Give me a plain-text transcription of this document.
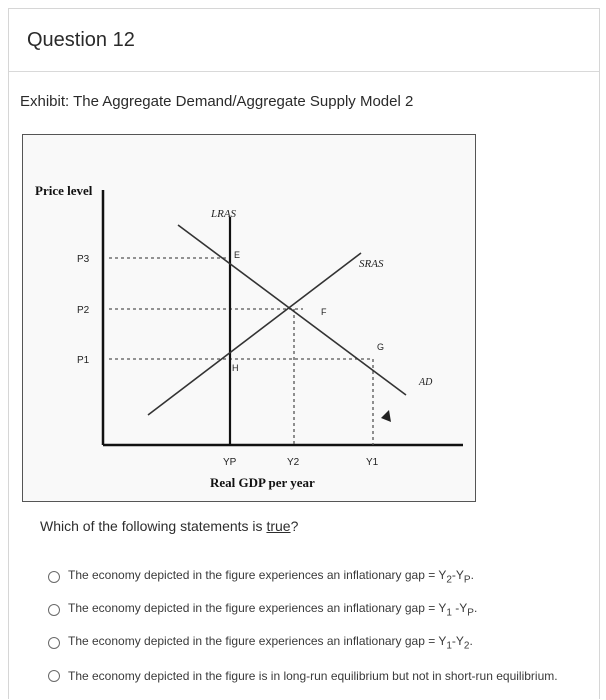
Question 12
Exhibit: The Aggregate Demand/Aggregate Supply Model 2
Price level
LRAS
SRAS
AD
P3
P2
P1
E
F
G
H
YP	Y2	Y1
Real GDP per year
Which of the following statements is true?
The economy depicted in the figure experiences an inflationary gap = $Y_2-Y_P$.
The economy depicted in the figure experiences an inflationary gap = $Y_1$ $-Y_P$.
The economy depicted in the figure experiences an inflationary gap = $Y_1-Y_2$.
The economy depicted in the figure is in long-run equilibrium but not in short-run equilibrium.
